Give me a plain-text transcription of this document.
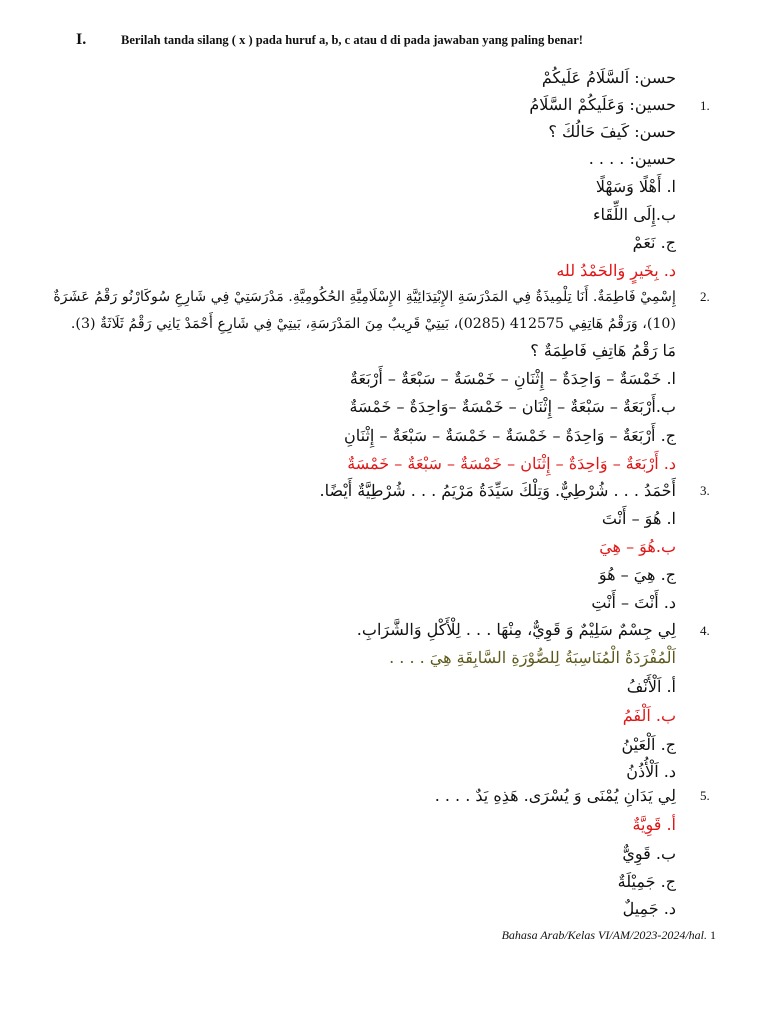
I.	Berilah tanda silang ( x ) pada huruf a, b, c atau d di pada jawaban yang paling benar!
1.
حسن: اَلسَّلَامُ عَلَيكُمْ
حسين: وَعَلَيكُمْ السَّلَامُ
حسن: كَيفَ حَالُكَ ؟
حسين: . . . .
ا. أَهْلًا وَسَهْلًا
ب.إِلَى اللِّقَاء
ج. نَعَمْ
د. بِخَيرٍ وَالحَمْدُ لله
2.
إِسْمِيْ فَاطِمَةٌ. أَنَا تِلْمِيذَةٌ فِي المَدْرَسَةِ الإِبْتِدَائِيَّةِ الإِسْلَامِيَّةِ الحُكُومِيَّةِ. مَدْرَسَتِيْ فِي شَارِعِ سُوكَارْنُو رَقْمُ عَشَرَةٌ
(10)، وَرَقْمُ هَاتِفِي 412575 (0285)، بَيتِيْ قَرِيبٌ مِنَ المَدْرَسَةِ، بَيتِيْ فِي شَارِعِ أَحْمَدْ يَانِي رَقْمُ ثَلَاثَةٌ (3).
مَا رَقْمُ هَاتِفِ فَاطِمَةٌ ؟
ا. خَمْسَةٌ – وَاحِدَةٌ – إِثْنَانِ – خَمْسَةٌ – سَبْعَةٌ – أَرْبَعَةٌ
ب.أَرْبَعَةٌ – سَبْعَةٌ – إِثْنَان – خَمْسَةٌ –وَاحِدَةٌ – خَمْسَةٌ
ج. أَرْبَعَةٌ – وَاحِدَةٌ – خَمْسَةٌ – خَمْسَةٌ – سَبْعَةٌ – إِثْنَانِ
د. أَرْبَعَةٌ – وَاحِدَةٌ – إِثْنَان – خَمْسَةٌ – سَبْعَةٌ – خَمْسَةٌ
3.
أَحْمَدُ . . . شُرْطِيٌّ. وَتِلْكَ سَيِّدَةُ مَرْيَمُ . . . شُرْطِيَّةٌ أَيْضًا.
ا. هُوَ – أَنْتَ
ب.هُوَ – هِيَ
ج. هِيَ – هُوَ
د. أَنْتَ – أَنْتِ
4.
لِي جِسْمٌ سَلِيْمٌ وَ قَوِيٌّ، مِنْهَا . . . لِلْأَكْلِ وَالشَّرَابِ.
اَلْمُفْرَدَةُ الْمُنَاسِبَةُ لِلصُّوْرَةِ السَّابِقَةِ هِيَ . . . .
أ. اَلْأَنْفُ
ب. اَلْفَمُ
ج. اَلْعَيْنُ
د. اَلْأُذُنُ
5.
لِي يَدَانِ يُمْنَى وَ يُسْرَى. هَذِهِ يَدٌ . . . .
أ. قَوِيَّةٌ
ب. قَوِيٌّ
ج. جَمِيْلَةٌ
د. جَمِيلٌ
Bahasa Arab/Kelas VI/AM/2023-2024/hal. 1
